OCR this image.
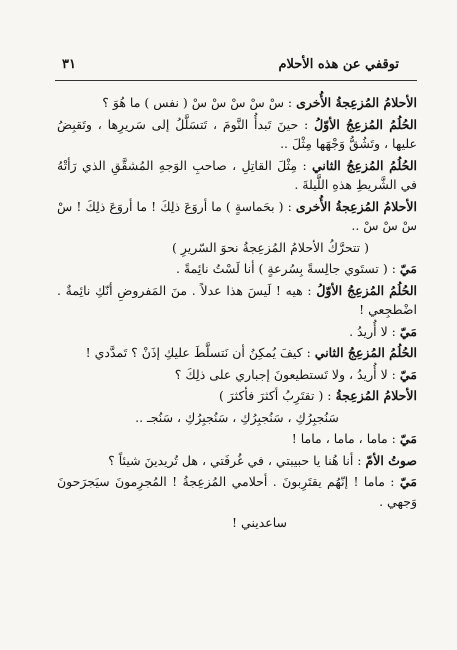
توقفي عن هذه الأحلام
٣١

الأحلامُ المُزعِجةُ الأُخرى : سْ سْ سْ سْ سْ ( نفس ) ما هُوَ ؟

الحُلُمُ المُزعِجُ الأوّلُ : حينَ تَبدأُ النَّومَ ، تَتسَلَّلُ إلى سَريرِها ، وتَقبِضُ عليها ، وتَشُقُّ وَجْهَها مِثْلَ ..

الحُلُمُ المُزعِجُ الثاني : مِثْلَ القاتِلِ ، صاحبِ الوَجهِ المُشقَّقِ الذي رَأتْهُ في الشَّريطِ هذهِ اللَّيلةَ .

الأحلامُ المُزعِجةُ الأُخرى : ( بحَماسةٍ ) ما أروَعَ ذلِكَ ! ما أروَعَ ذلِكَ ! سْ سْ سْ سْ ..

( تتحرَّكُ الأحلامُ المُزعِجةُ نحوَ السّريرِ )

مَيّ : ( تستَوي جالِسةً بِسُرعةٍ ) أنا لَسْتُ نائِمةً .

الحُلُمُ المُزعِجُ الأوّلُ : هيه ! لَيسَ هذا عدلاً . منَ المَفروضِ أنّكِ نائِمةٌ . اضْطجِعي !

مَيّ : لا أُريدُ .

الحُلُمُ المُزعِجُ الثاني : كيفَ يُمكِنُ أن نَتسلَّطَ عليكِ إذَنْ ؟ تَمدَّدي !

مَيّ : لا أُريدُ ، ولا تَستطيعونَ إجباري على ذلِكَ ؟

الأحلامُ المُزعِجةُ : ( تقتَرِبُ أكثرَ فأكثرَ )

سَنُجبِرُكِ ، سَنُجبِرُكِ ، سَنُجبِرُكِ ، سَنُجـ ..

مَيّ : ماما ، ماما ، ماما !

صوتُ الأمّ : أنا هُنا يا حبيبتي ، في غُرفَتي ، هل تُريدينَ شيئاً ؟

مَيّ : ماما ! إنّهُم يقتَرِبونَ . أحلامي المُزعِجةُ ! المُجرِمونَ سيَجرَحونَ وَجهي .

ساعديني !
